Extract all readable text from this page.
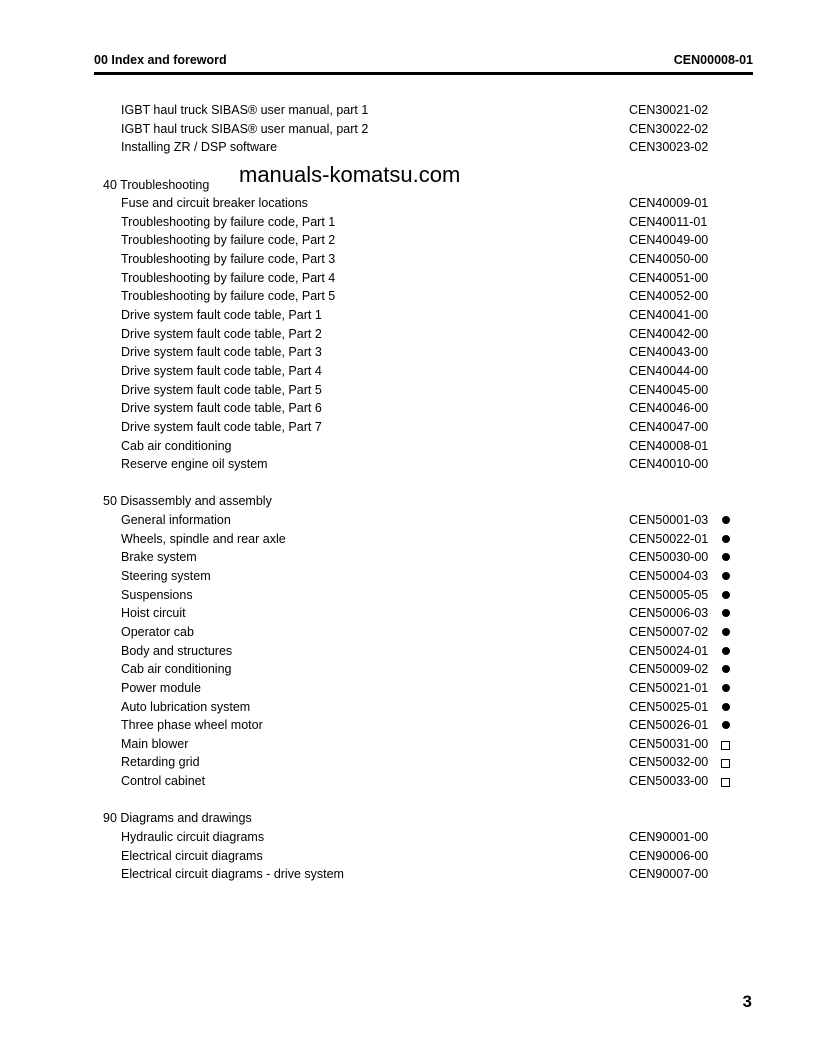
00 Index and foreword	CEN00008-01
IGBT haul truck SIBAS® user manual, part 1	CEN30021-02
IGBT haul truck SIBAS® user manual, part 2	CEN30022-02
Installing ZR / DSP software	CEN30023-02
40 Troubleshooting
Fuse and circuit breaker locations	CEN40009-01
Troubleshooting by failure code, Part 1	CEN40011-01
Troubleshooting by failure code, Part 2	CEN40049-00
Troubleshooting by failure code, Part 3	CEN40050-00
Troubleshooting by failure code, Part 4	CEN40051-00
Troubleshooting by failure code, Part 5	CEN40052-00
Drive system fault code table, Part 1	CEN40041-00
Drive system fault code table, Part 2	CEN40042-00
Drive system fault code table, Part 3	CEN40043-00
Drive system fault code table, Part 4	CEN40044-00
Drive system fault code table, Part 5	CEN40045-00
Drive system fault code table, Part 6	CEN40046-00
Drive system fault code table, Part 7	CEN40047-00
Cab air conditioning	CEN40008-01
Reserve engine oil system	CEN40010-00
50 Disassembly and assembly
General information	CEN50001-03
Wheels, spindle and rear axle	CEN50022-01
Brake system	CEN50030-00
Steering system	CEN50004-03
Suspensions	CEN50005-05
Hoist circuit	CEN50006-03
Operator cab	CEN50007-02
Body and structures	CEN50024-01
Cab air conditioning	CEN50009-02
Power module	CEN50021-01
Auto lubrication system	CEN50025-01
Three phase wheel motor	CEN50026-01
Main blower	CEN50031-00
Retarding grid	CEN50032-00
Control cabinet	CEN50033-00
90 Diagrams and drawings
Hydraulic circuit diagrams	CEN90001-00
Electrical circuit diagrams	CEN90006-00
Electrical circuit diagrams - drive system	CEN90007-00
manuals-komatsu.com
3
